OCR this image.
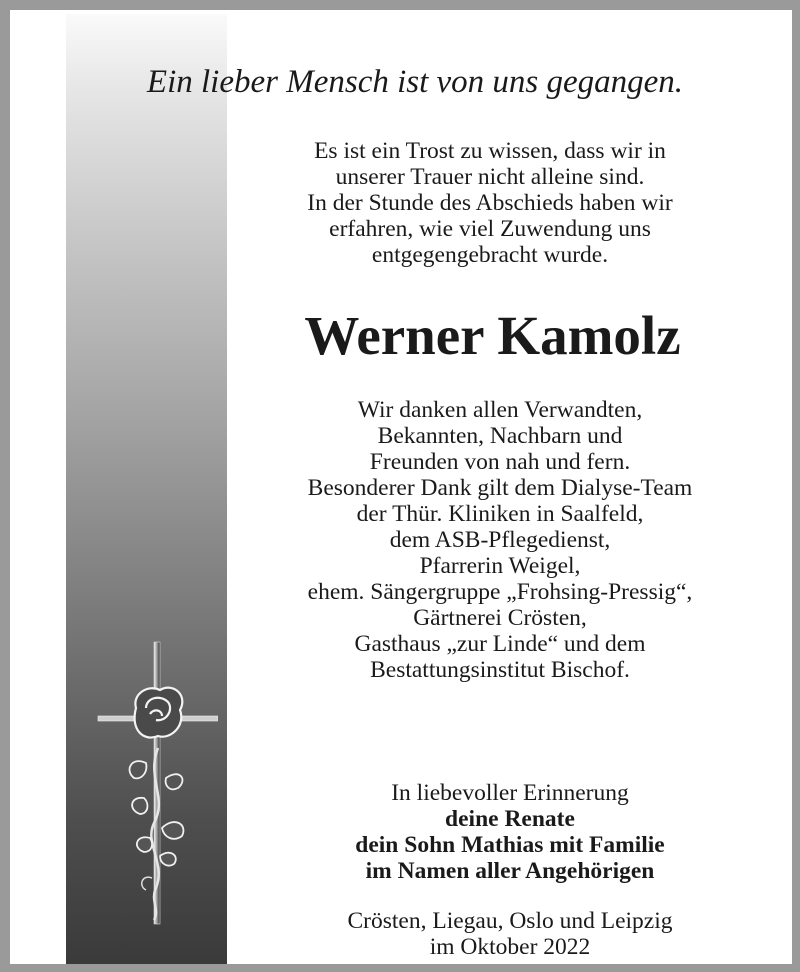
Ein lieber Mensch ist von uns gegangen.
Es ist ein Trost zu wissen, dass wir in
unserer Trauer nicht alleine sind.
In der Stunde des Abschieds haben wir
erfahren, wie viel Zuwendung uns
entgegengebracht wurde.
Werner Kamolz
Wir danken allen Verwandten,
Bekannten, Nachbarn und
Freunden von nah und fern.
Besonderer Dank gilt dem Dialyse-Team
der Thür. Kliniken in Saalfeld,
dem ASB-Pflegedienst,
Pfarrerin Weigel,
ehem. Sängergruppe „Frohsing-Pressig“,
Gärtnerei Crösten,
Gasthaus „zur Linde“ und dem
Bestattungsinstitut Bischof.
In liebevoller Erinnerung
deine Renate
dein Sohn Mathias mit Familie
im Namen aller Angehörigen
Crösten, Liegau, Oslo und Leipzig
im Oktober 2022
